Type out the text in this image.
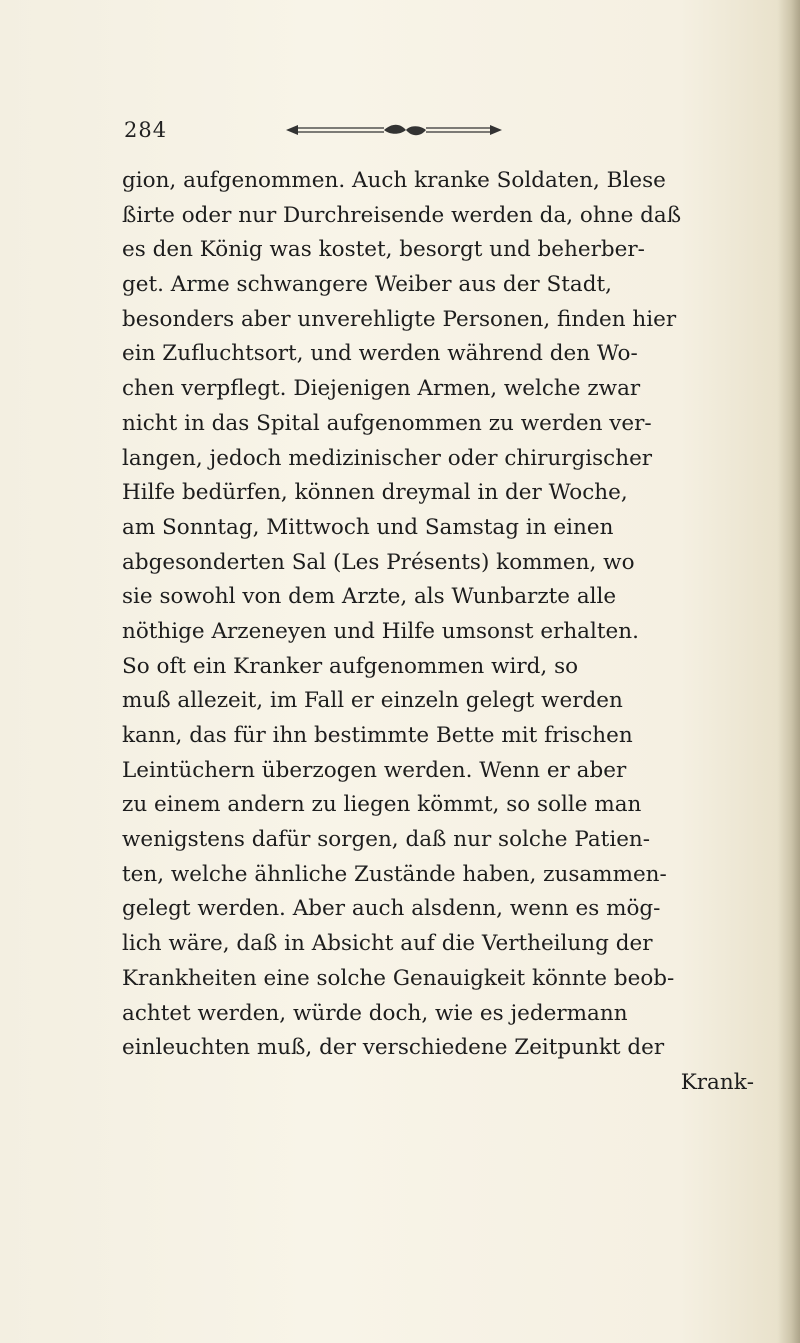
284
gion, aufgenommen. Auch kranke Soldaten, Blese
ßirte oder nur Durchreisende werden da, ohne daß
es den König was kostet, besorgt und beherber‑
get. Arme schwangere Weiber aus der Stadt,
besonders aber unverehligte Personen, finden hier
ein Zufluchtsort, und werden während den Wo‑
chen verpflegt. Diejenigen Armen, welche zwar
nicht in das Spital aufgenommen zu werden ver‑
langen, jedoch medizinischer oder chirurgischer
Hilfe bedürfen, können dreymal in der Woche,
am Sonntag, Mittwoch und Samstag in einen
abgesonderten Sal (Les Présents) kommen, wo
sie sowohl von dem Arzte, als Wunbarzte alle
nöthige Arzeneyen und Hilfe umsonst erhalten.
So oft ein Kranker aufgenommen wird, so
muß allezeit, im Fall er einzeln gelegt werden
kann, das für ihn bestimmte Bette mit frischen
Leintüchern überzogen werden. Wenn er aber
zu einem andern zu liegen kömmt, so solle man
wenigstens dafür sorgen, daß nur solche Patien‑
ten, welche ähnliche Zustände haben, zusammen‑
gelegt werden. Aber auch alsdenn, wenn es mög‑
lich wäre, daß in Absicht auf die Vertheilung der
Krankheiten eine solche Genauigkeit könnte beob‑
achtet werden, würde doch, wie es jedermann
einleuchten muß, der verschiedene Zeitpunkt der
Krank‑
